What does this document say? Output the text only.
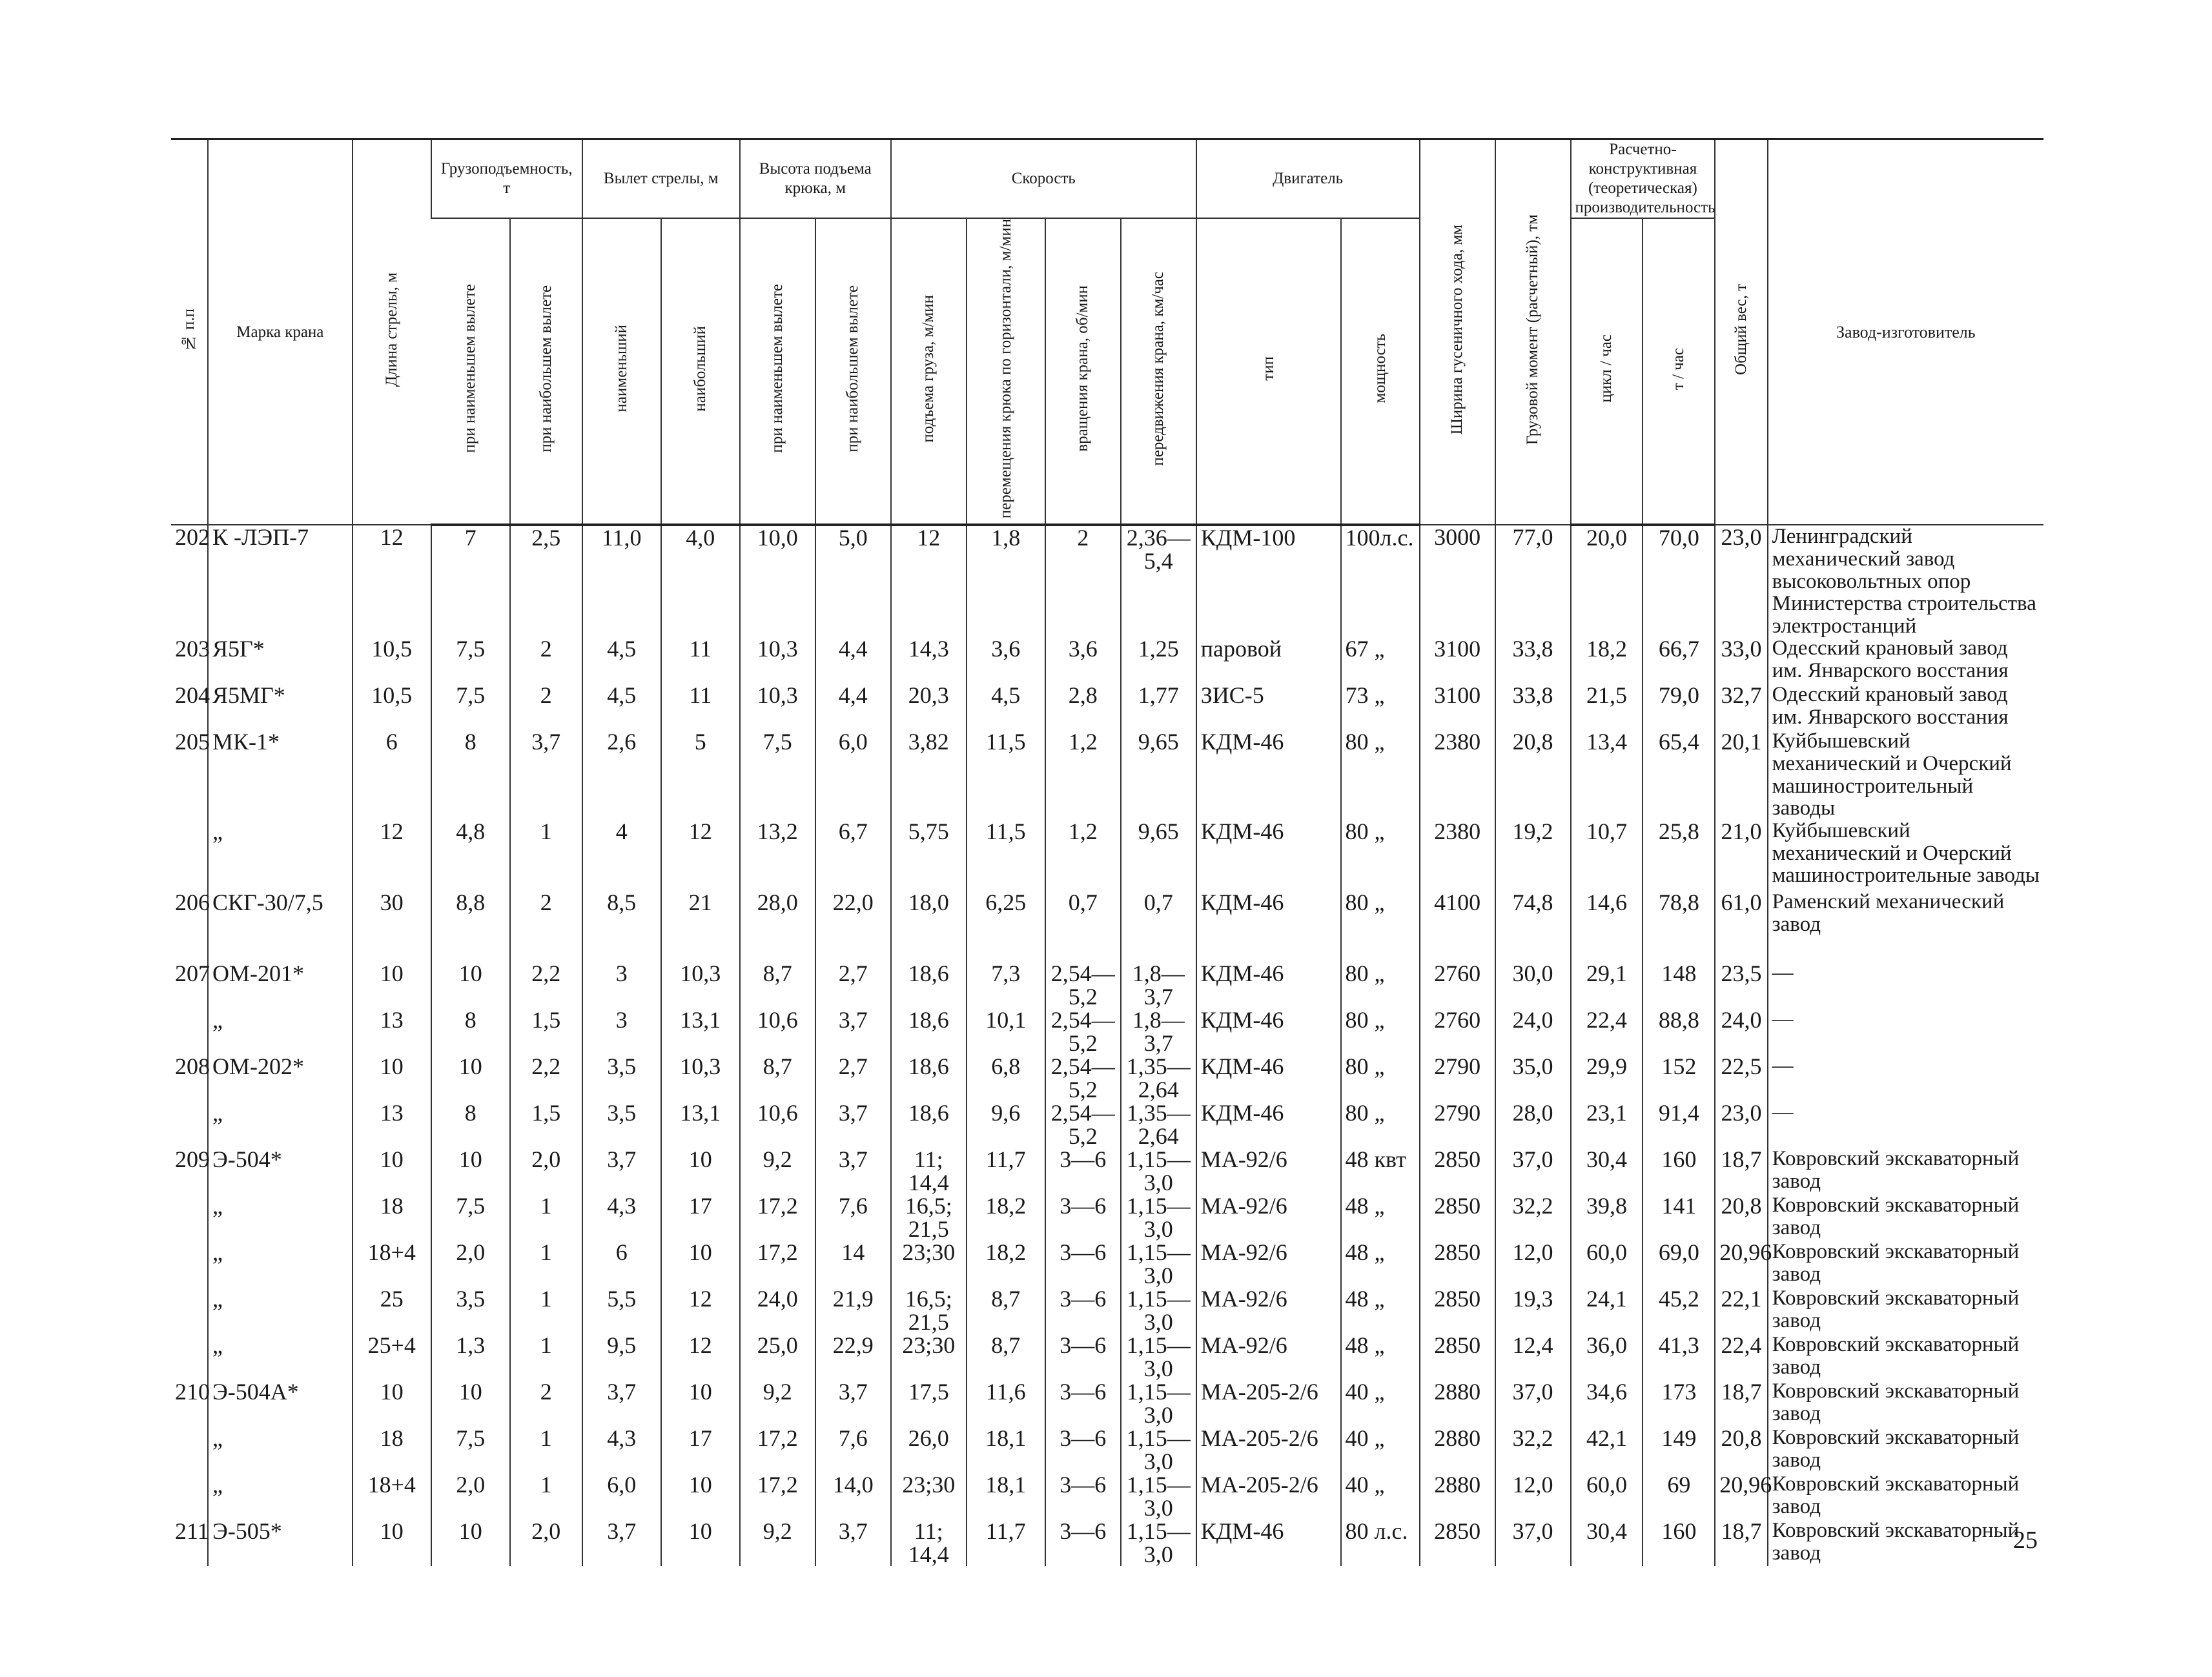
№ п.п	Марка крана	Длина стрелы, м	Грузоподъемность, т		Вылет стрелы, м		Высота подъема крюка, м		Скорость				Двигатель		Ширина гусеничного хода, мм	Грузовой момент (расчетный), тм	Расчетно-конструктивная (теоретическая) производительность		Общий вес, т	Завод-изготовитель
			при наименьшем вылете	при наибольшем вылете	наименьший	наибольший	при наименьшем вылете	при наибольшем вылете	подъема груза, м/мин	перемещения крюка по горизонтали, м/мин	вращения крана, об/мин	передвижения крана, км/час	тип	мощность			цикл / час	т / час		
202	К -ЛЭП-7	12	7	2,5	11,0	4,0	10,0	5,0	12	1,8	2	2,36— 5,4	КДМ-100	100л.с.	3000	77,0	20,0	70,0	23,0	Ленинградский механический завод высоковольтных опор Министерства строительства электростанций
203	Я5Г*	10,5	7,5	2	4,5	11	10,3	4,4	14,3	3,6	3,6	1,25	паровой	67 „	3100	33,8	18,2	66,7	33,0	Одесский крановый завод им. Январского восстания
204	Я5МГ*	10,5	7,5	2	4,5	11	10,3	4,4	20,3	4,5	2,8	1,77	ЗИС-5	73 „	3100	33,8	21,5	79,0	32,7	Одесский крановый завод им. Январского восстания
205	МК-1*	6	8	3,7	2,6	5	7,5	6,0	3,82	11,5	1,2	9,65	КДМ-46	80 „	2380	20,8	13,4	65,4	20,1	Куйбышевский механический и Очерский машиностроительный заводы
	„	12	4,8	1	4	12	13,2	6,7	5,75	11,5	1,2	9,65	КДМ-46	80 „	2380	19,2	10,7	25,8	21,0	Куйбышевский механический и Очерский машиностроительные заводы
206	СКГ-30/7,5	30	8,8	2	8,5	21	28,0	22,0	18,0	6,25	0,7	0,7	КДМ-46	80 „	4100	74,8	14,6	78,8	61,0	Раменский механический завод
207	ОМ-201*	10	10	2,2	3	10,3	8,7	2,7	18,6	7,3	2,54— 5,2	1,8— 3,7	КДМ-46	80 „	2760	30,0	29,1	148	23,5	—
	„	13	8	1,5	3	13,1	10,6	3,7	18,6	10,1	2,54— 5,2	1,8— 3,7	КДМ-46	80 „	2760	24,0	22,4	88,8	24,0	—
208	ОМ-202*	10	10	2,2	3,5	10,3	8,7	2,7	18,6	6,8	2,54— 5,2	1,35— 2,64	КДМ-46	80 „	2790	35,0	29,9	152	22,5	—
	„	13	8	1,5	3,5	13,1	10,6	3,7	18,6	9,6	2,54— 5,2	1,35— 2,64	КДМ-46	80 „	2790	28,0	23,1	91,4	23,0	—
209	Э-504*	10	10	2,0	3,7	10	9,2	3,7	11; 14,4	11,7	3—6	1,15— 3,0	МА-92/6	48 квт	2850	37,0	30,4	160	18,7	Ковровский экскаваторный завод
	„	18	7,5	1	4,3	17	17,2	7,6	16,5; 21,5	18,2	3—6	1,15— 3,0	МА-92/6	48 „	2850	32,2	39,8	141	20,8	Ковровский экскаваторный завод
	„	18+4	2,0	1	6	10	17,2	14	23;30	18,2	3—6	1,15— 3,0	МА-92/6	48 „	2850	12,0	60,0	69,0	20,96	Ковровский экскаваторный завод
	„	25	3,5	1	5,5	12	24,0	21,9	16,5; 21,5	8,7	3—6	1,15— 3,0	МА-92/6	48 „	2850	19,3	24,1	45,2	22,1	Ковровский экскаваторный завод
	„	25+4	1,3	1	9,5	12	25,0	22,9	23;30	8,7	3—6	1,15— 3,0	МА-92/6	48 „	2850	12,4	36,0	41,3	22,4	Ковровский экскаваторный завод
210	Э-504А*	10	10	2	3,7	10	9,2	3,7	17,5	11,6	3—6	1,15— 3,0	МА-205-2/6	40 „	2880	37,0	34,6	173	18,7	Ковровский экскаваторный завод
	„	18	7,5	1	4,3	17	17,2	7,6	26,0	18,1	3—6	1,15— 3,0	МА-205-2/6	40 „	2880	32,2	42,1	149	20,8	Ковровский экскаваторный завод
	„	18+4	2,0	1	6,0	10	17,2	14,0	23;30	18,1	3—6	1,15— 3,0	МА-205-2/6	40 „	2880	12,0	60,0	69	20,96	Ковровский экскаваторный завод
211	Э-505*	10	10	2,0	3,7	10	9,2	3,7	11; 14,4	11,7	3—6	1,15— 3,0	КДМ-46	80 л.с.	2850	37,0	30,4	160	18,7	Ковровский экскаваторный завод	25
